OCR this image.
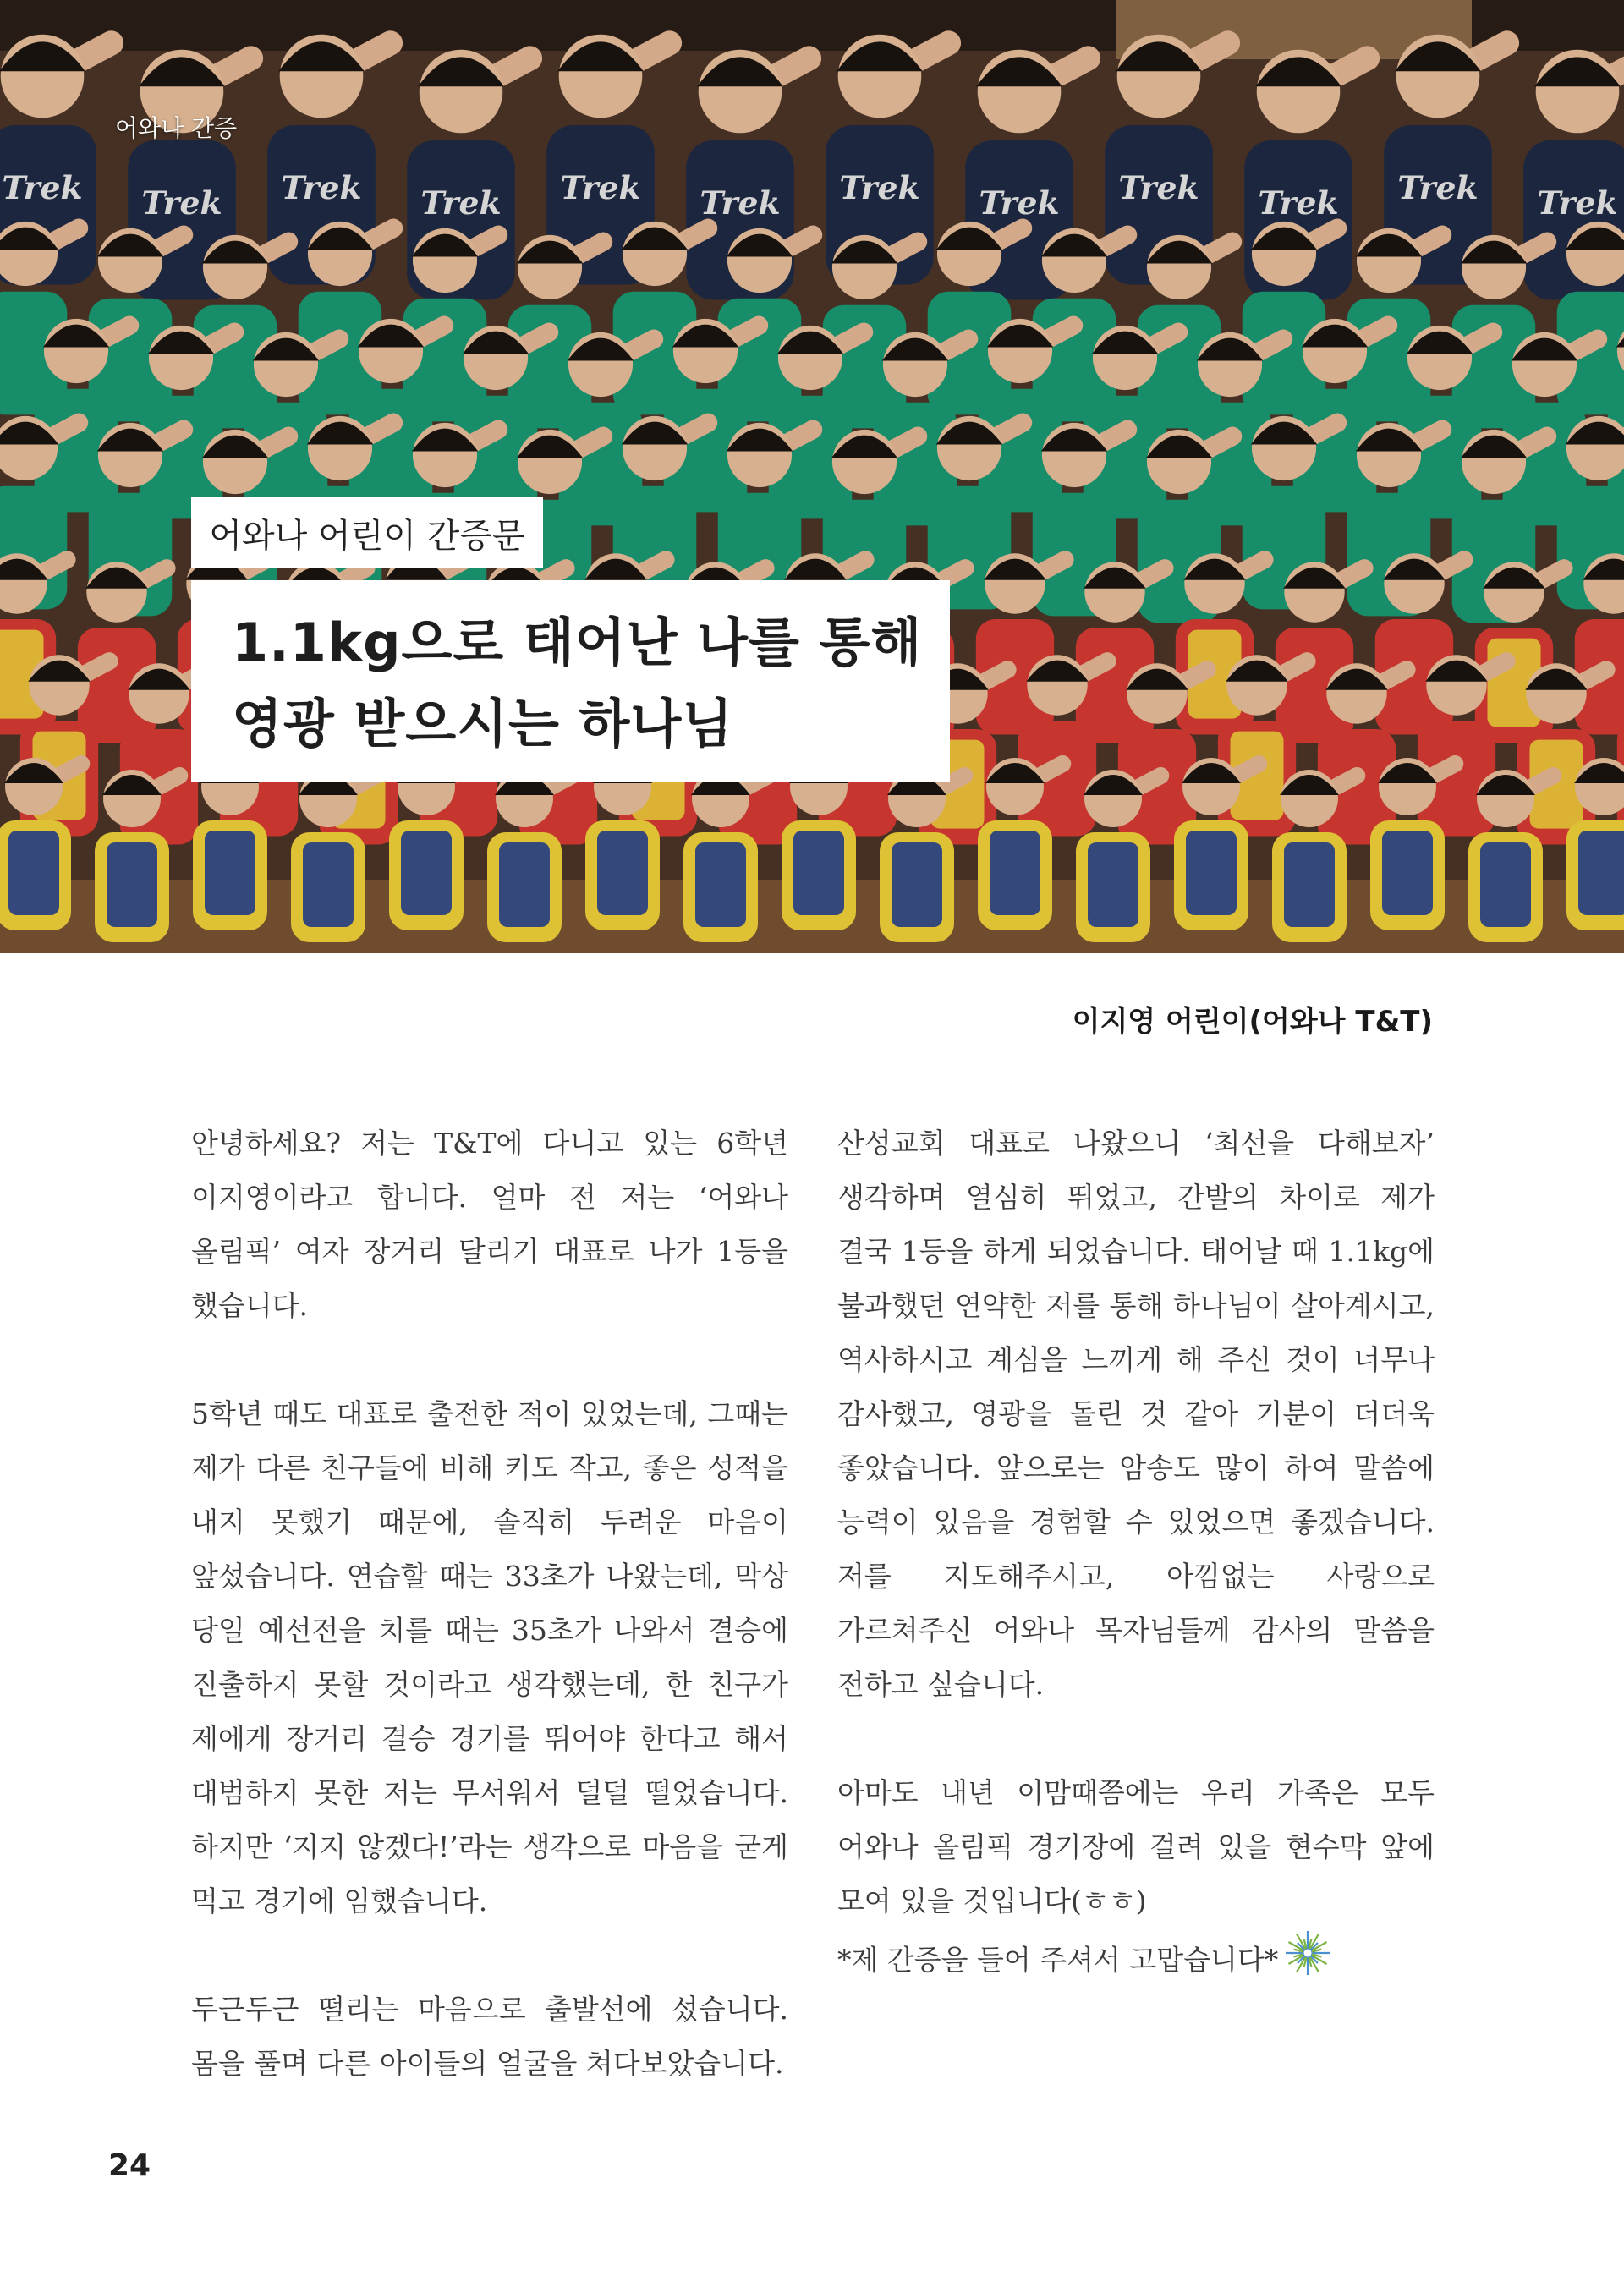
Trek Trek Trek Trek Trek Trek Trek Trek Trek Trek Trek Trek
어와나 간증
어와나 어린이 간증문
1.1kg으로 태어난 나를 통해
영광 받으시는 하나님
이지영 어린이(어와나 T&T)

안녕하세요? 저는 T&T에 다니고 있는 6학년 이지영이라고 합니다. 얼마 전 저는 ‘어와나 올림픽’ 여자 장거리 달리기 대표로 나가 1등을 했습니다.

5학년 때도 대표로 출전한 적이 있었는데, 그때는 제가 다른 친구들에 비해 키도 작고, 좋은 성적을 내지 못했기 때문에, 솔직히 두려운 마음이 앞섰습니다. 연습할 때는 33초가 나왔는데, 막상 당일 예선전을 치를 때는 35초가 나와서 결승에 진출하지 못할 것이라고 생각했는데, 한 친구가 제에게 장거리 결승 경기를 뛰어야 한다고 해서 대범하지 못한 저는 무서워서 덜덜 떨었습니다. 하지만 ‘지지 않겠다!’라는 생각으로 마음을 굳게 먹고 경기에 임했습니다.

두근두근 떨리는 마음으로 출발선에 섰습니다. 몸을 풀며 다른 아이들의 얼굴을 쳐다보았습니다.

산성교회 대표로 나왔으니 ‘최선을 다해보자’ 생각하며 열심히 뛰었고, 간발의 차이로 제가 결국 1등을 하게 되었습니다. 태어날 때 1.1kg에 불과했던 연약한 저를 통해 하나님이 살아계시고, 역사하시고 계심을 느끼게 해 주신 것이 너무나 감사했고, 영광을 돌린 것 같아 기분이 더더욱 좋았습니다. 앞으로는 암송도 많이 하여 말씀에 능력이 있음을 경험할 수 있었으면 좋겠습니다. 저를 지도해주시고, 아낌없는 사랑으로 가르쳐주신 어와나 목자님들께 감사의 말씀을 전하고 싶습니다.

아마도 내년 이맘때쯤에는 우리 가족은 모두 어와나 올림픽 경기장에 걸려 있을 현수막 앞에 모여 있을 것입니다(ㅎㅎ)

*제 간증을 들어 주셔서 고맙습니다*

24
